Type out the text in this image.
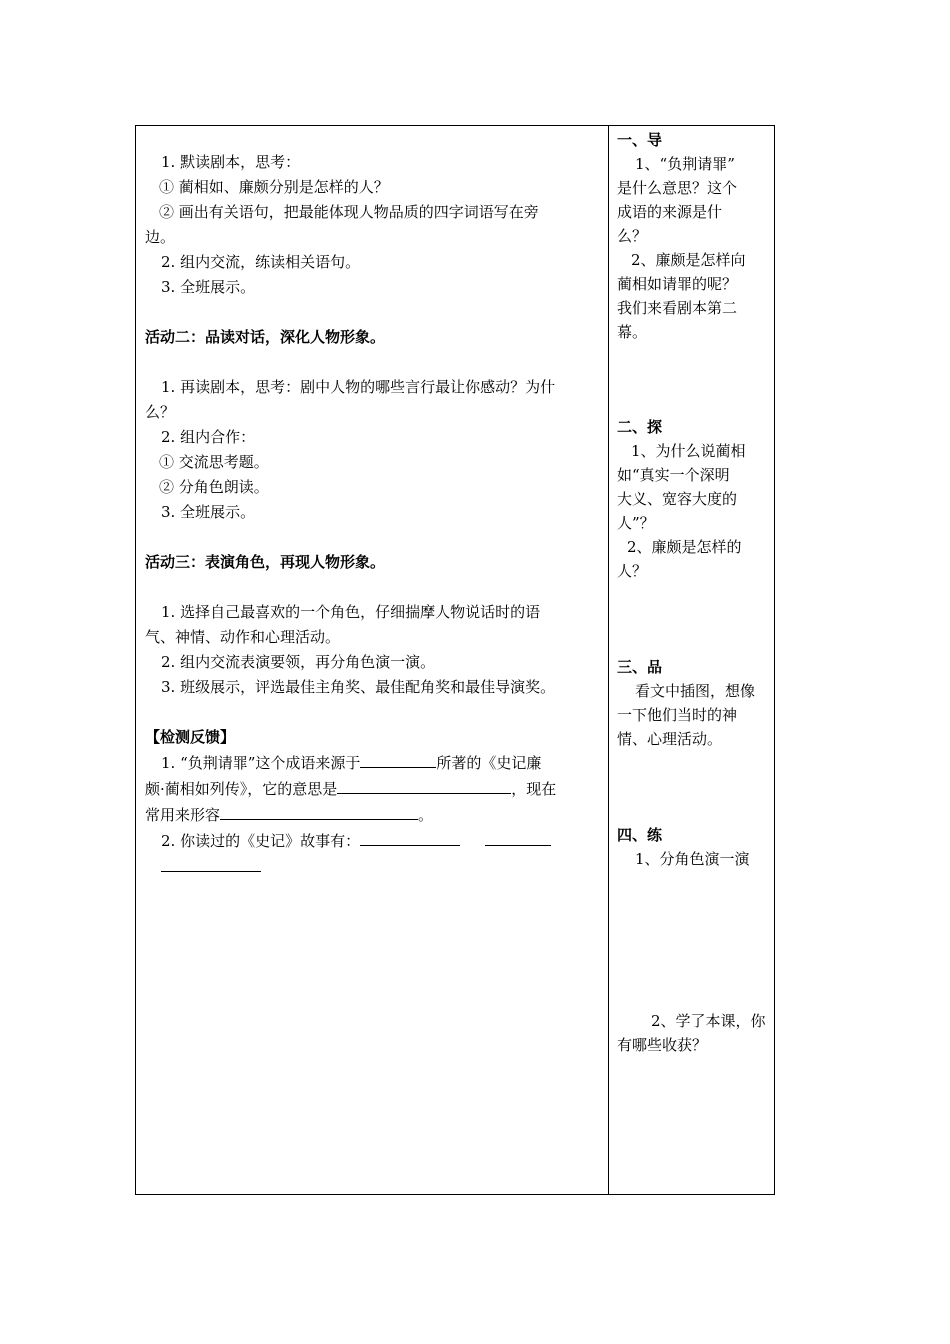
1. 默读剧本，思考：
① 蔺相如、廉颇分别是怎样的人？
② 画出有关语句，把最能体现人物品质的四字词语写在旁
边。
2. 组内交流，练读相关语句。
3. 全班展示。
活动二：品读对话，深化人物形象。
1. 再读剧本，思考：剧中人物的哪些言行最让你感动？为什
么？
2. 组内合作：
① 交流思考题。
② 分角色朗读。
3. 全班展示。
活动三：表演角色，再现人物形象。
1. 选择自己最喜欢的一个角色，仔细揣摩人物说话时的语
气、神情、动作和心理活动。
2. 组内交流表演要领，再分角色演一演。
3. 班级展示，评选最佳主角奖、最佳配角奖和最佳导演奖。
【检测反馈】
1. “负荆请罪”这个成语来源于	所著的《史记廉
颇·蔺相如列传》，它的意思是	，现在
常用来形容	。
2. 你读过的《史记》故事有：
一、导
1、“负荆请罪”
是什么意思？这个
成语的来源是什
么？
2、廉颇是怎样向
蔺相如请罪的呢？
我们来看剧本第二
幕。
二、探
1、为什么说蔺相
如“真实一个深明
大义、宽容大度的
人”？
2、廉颇是怎样的
人？
三、品
看文中插图，想像
一下他们当时的神
情、心理活动。
四、练
1、分角色演一演
2、学了本课，你
有哪些收获？
